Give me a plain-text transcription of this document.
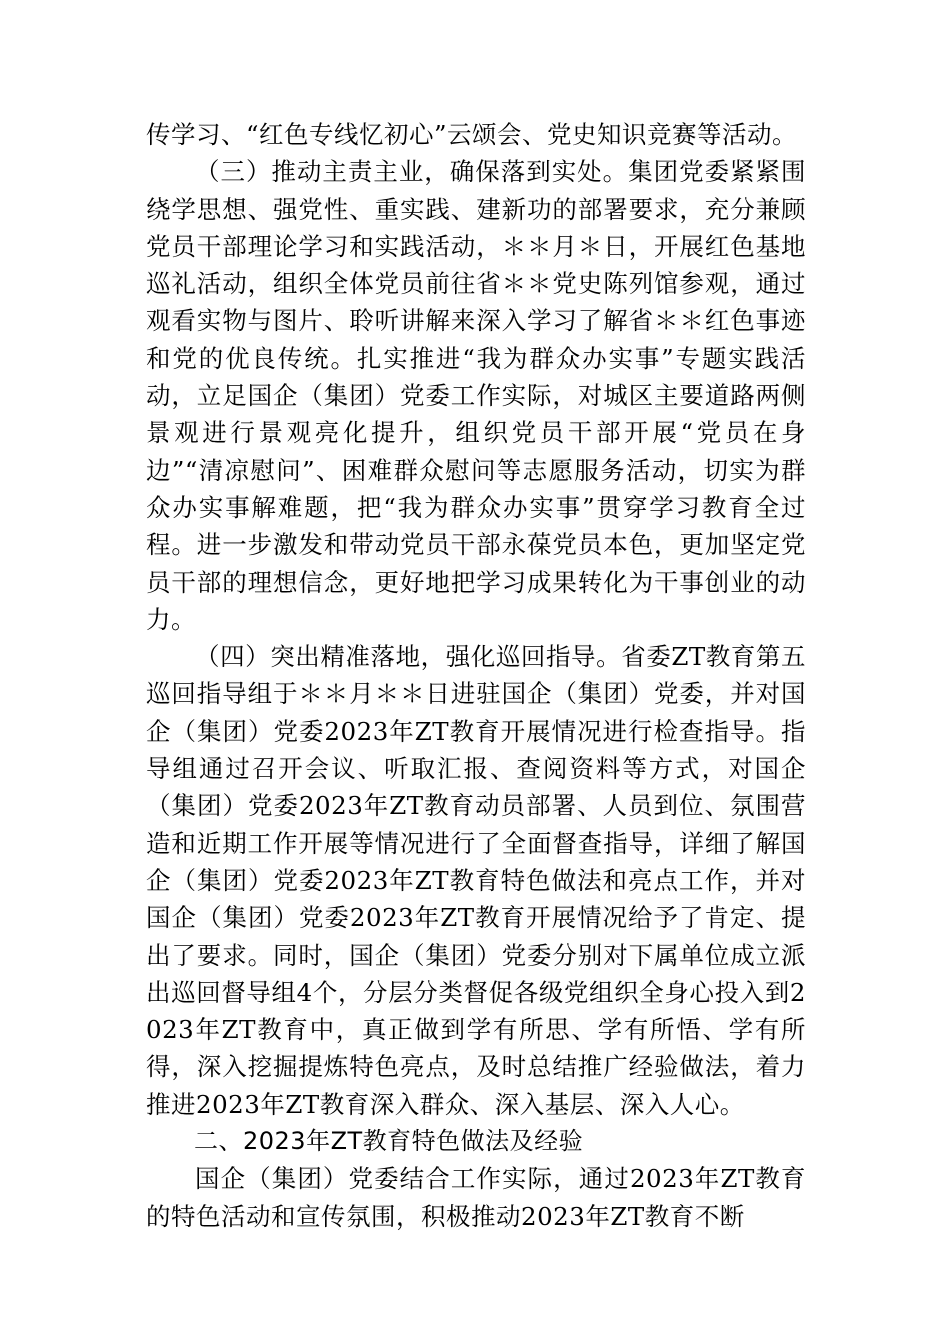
传学习、“红色专线忆初心”云颂会、党史知识竞赛等活动。

（三）推动主责主业，确保落到实处。集团党委紧紧围绕学思想、强党性、重实践、建新功的部署要求，充分兼顾党员干部理论学习和实践活动，＊＊月＊日，开展红色基地巡礼活动，组织全体党员前往省＊＊党史陈列馆参观，通过观看实物与图片、聆听讲解来深入学习了解省＊＊红色事迹和党的优良传统。扎实推进“我为群众办实事”专题实践活动，立足国企（集团）党委工作实际，对城区主要道路两侧景观进行景观亮化提升，组织党员干部开展“党员在身边”“清凉慰问”、困难群众慰问等志愿服务活动，切实为群众办实事解难题，把“我为群众办实事”贯穿学习教育全过程。进一步激发和带动党员干部永葆党员本色，更加坚定党员干部的理想信念，更好地把学习成果转化为干事创业的动力。

（四）突出精准落地，强化巡回指导。省委ZT教育第五巡回指导组于＊＊月＊＊日进驻国企（集团）党委，并对国企（集团）党委2023年ZT教育开展情况进行检查指导。指导组通过召开会议、听取汇报、查阅资料等方式，对国企（集团）党委2023年ZT教育动员部署、人员到位、氛围营造和近期工作开展等情况进行了全面督查指导，详细了解国企（集团）党委2023年ZT教育特色做法和亮点工作，并对国企（集团）党委2023年ZT教育开展情况给予了肯定、提出了要求。同时，国企（集团）党委分别对下属单位成立派出巡回督导组4个，分层分类督促各级党组织全身心投入到2023年ZT教育中，真正做到学有所思、学有所悟、学有所得，深入挖掘提炼特色亮点，及时总结推广经验做法，着力推进2023年ZT教育深入群众、深入基层、深入人心。

二、2023年ZT教育特色做法及经验

国企（集团）党委结合工作实际，通过2023年ZT教育的特色活动和宣传氛围，积极推动2023年ZT教育不断
